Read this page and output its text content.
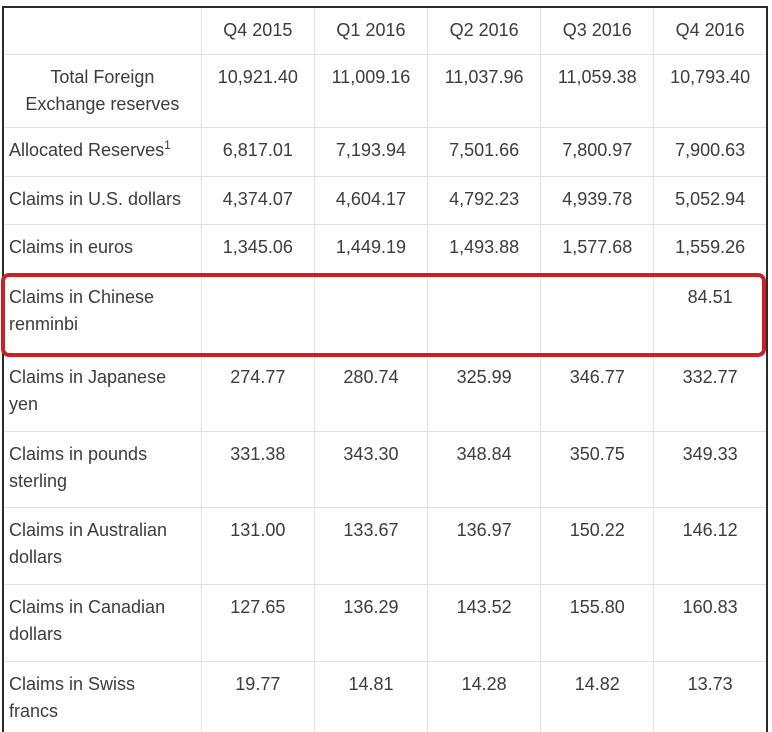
	Q4 2015	Q1 2016	Q2 2016	Q3 2016	Q4 2016

Total Foreign
Exchange reserves	10,921.40	11,009.16	11,037.96	11,059.38	10,793.40

Allocated Reserves$^1$	6,817.01	7,193.94	7,501.66	7,800.97	7,900.63

Claims in U.S. dollars	4,374.07	4,604.17	4,792.23	4,939.78	5,052.94

Claims in euros	1,345.06	1,449.19	1,493.88	1,577.68	1,559.26

Claims in Chinese
renminbi					84.51

Claims in Japanese
yen	274.77	280.74	325.99	346.77	332.77

Claims in pounds
sterling	331.38	343.30	348.84	350.75	349.33

Claims in Australian
dollars	131.00	133.67	136.97	150.22	146.12

Claims in Canadian
dollars	127.65	136.29	143.52	155.80	160.83

Claims in Swiss
francs	19.77	14.81	14.28	14.82	13.73
